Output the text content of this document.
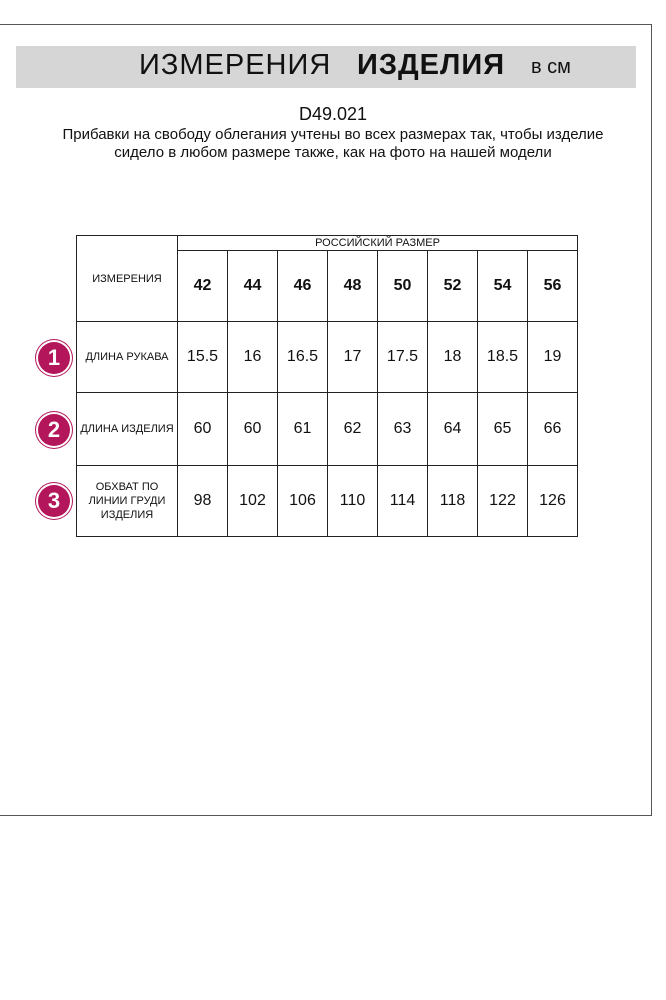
ИЗМЕРЕНИЯ ИЗДЕЛИЯ в см
D49.021
Прибавки на свободу облегания учтены во всех размерах так, чтобы изделие сидело в любом размере также, как на фото на нашей модели
ИЗМЕРЕНИЯ	РОССИЙСКИЙ РАЗМЕР							
	42	44	46	48	50	52	54	56
ДЛИНА РУКАВА	15.5	16	16.5	17	17.5	18	18.5	19
ДЛИНА ИЗДЕЛИЯ	60	60	61	62	63	64	65	66
ОБХВАТ ПО ЛИНИИ ГРУДИ ИЗДЕЛИЯ	98	102	106	110	114	118	122	126
1
2
3
